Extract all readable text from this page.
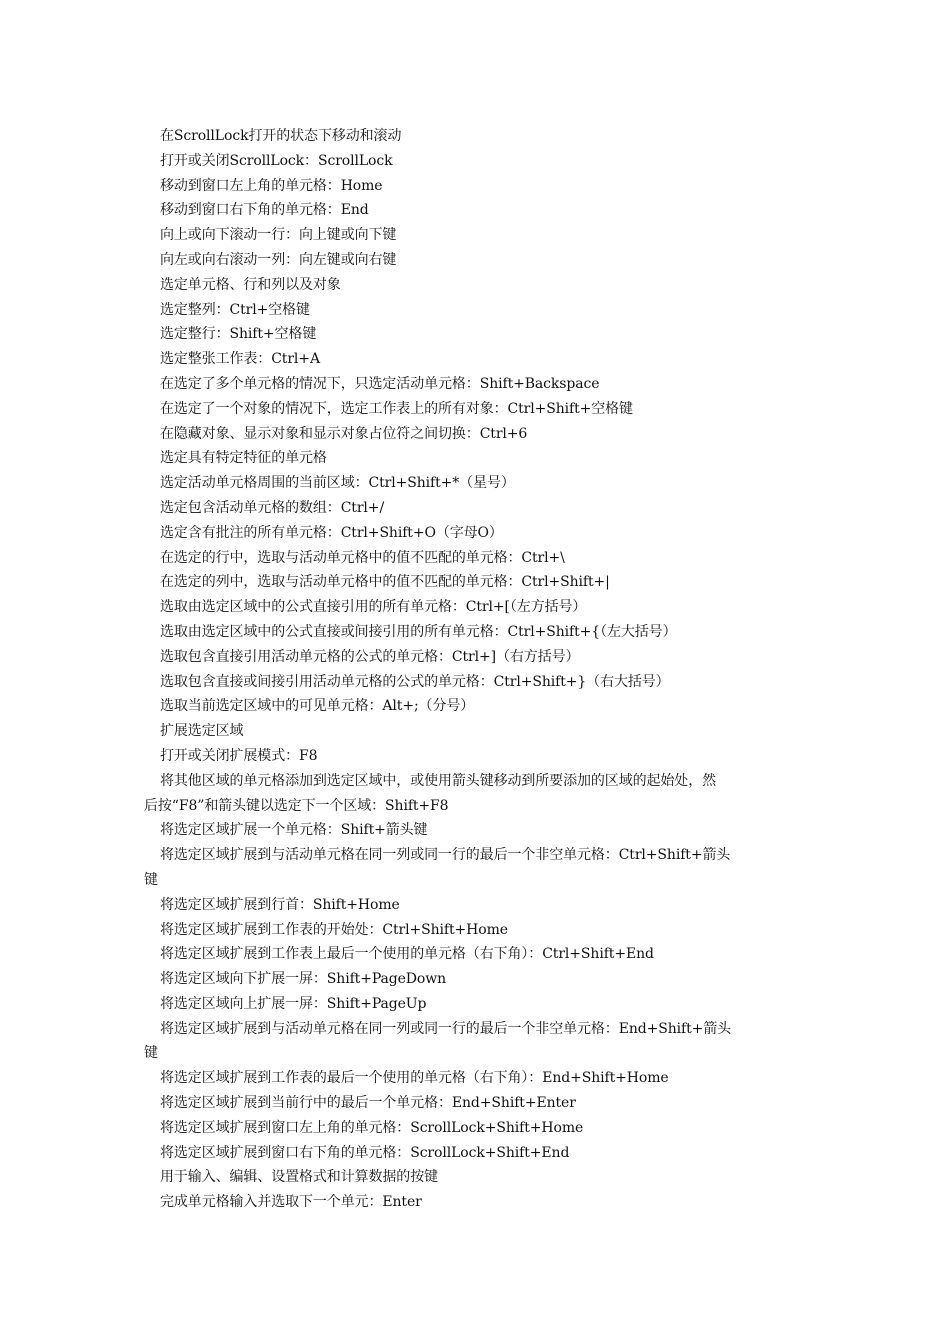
在ScrollLock打开的状态下移动和滚动

打开或关闭ScrollLock：ScrollLock

移动到窗口左上角的单元格：Home

移动到窗口右下角的单元格：End

向上或向下滚动一行：向上键或向下键

向左或向右滚动一列：向左键或向右键

选定单元格、行和列以及对象

选定整列：Ctrl+空格键

选定整行：Shift+空格键

选定整张工作表：Ctrl+A

在选定了多个单元格的情况下，只选定活动单元格：Shift+Backspace

在选定了一个对象的情况下，选定工作表上的所有对象：Ctrl+Shift+空格键

在隐藏对象、显示对象和显示对象占位符之间切换：Ctrl+6

选定具有特定特征的单元格

选定活动单元格周围的当前区域：Ctrl+Shift+*（星号）

选定包含活动单元格的数组：Ctrl+/

选定含有批注的所有单元格：Ctrl+Shift+O（字母O）

在选定的行中，选取与活动单元格中的值不匹配的单元格：Ctrl+\

在选定的列中，选取与活动单元格中的值不匹配的单元格：Ctrl+Shift+|

选取由选定区域中的公式直接引用的所有单元格：Ctrl+[（左方括号）

选取由选定区域中的公式直接或间接引用的所有单元格：Ctrl+Shift+{（左大括号）

选取包含直接引用活动单元格的公式的单元格：Ctrl+]（右方括号）

选取包含直接或间接引用活动单元格的公式的单元格：Ctrl+Shift+}（右大括号）

选取当前选定区域中的可见单元格：Alt+;（分号）

扩展选定区域

打开或关闭扩展模式：F8

将其他区域的单元格添加到选定区域中，或使用箭头键移动到所要添加的区域的起始处，然

后按“F8”和箭头键以选定下一个区域：Shift+F8

将选定区域扩展一个单元格：Shift+箭头键

将选定区域扩展到与活动单元格在同一列或同一行的最后一个非空单元格：Ctrl+Shift+箭头

键

将选定区域扩展到行首：Shift+Home

将选定区域扩展到工作表的开始处：Ctrl+Shift+Home

将选定区域扩展到工作表上最后一个使用的单元格（右下角）：Ctrl+Shift+End

将选定区域向下扩展一屏：Shift+PageDown

将选定区域向上扩展一屏：Shift+PageUp

将选定区域扩展到与活动单元格在同一列或同一行的最后一个非空单元格：End+Shift+箭头

键

将选定区域扩展到工作表的最后一个使用的单元格（右下角）：End+Shift+Home

将选定区域扩展到当前行中的最后一个单元格：End+Shift+Enter

将选定区域扩展到窗口左上角的单元格：ScrollLock+Shift+Home

将选定区域扩展到窗口右下角的单元格：ScrollLock+Shift+End

用于输入、编辑、设置格式和计算数据的按键

完成单元格输入并选取下一个单元：Enter
